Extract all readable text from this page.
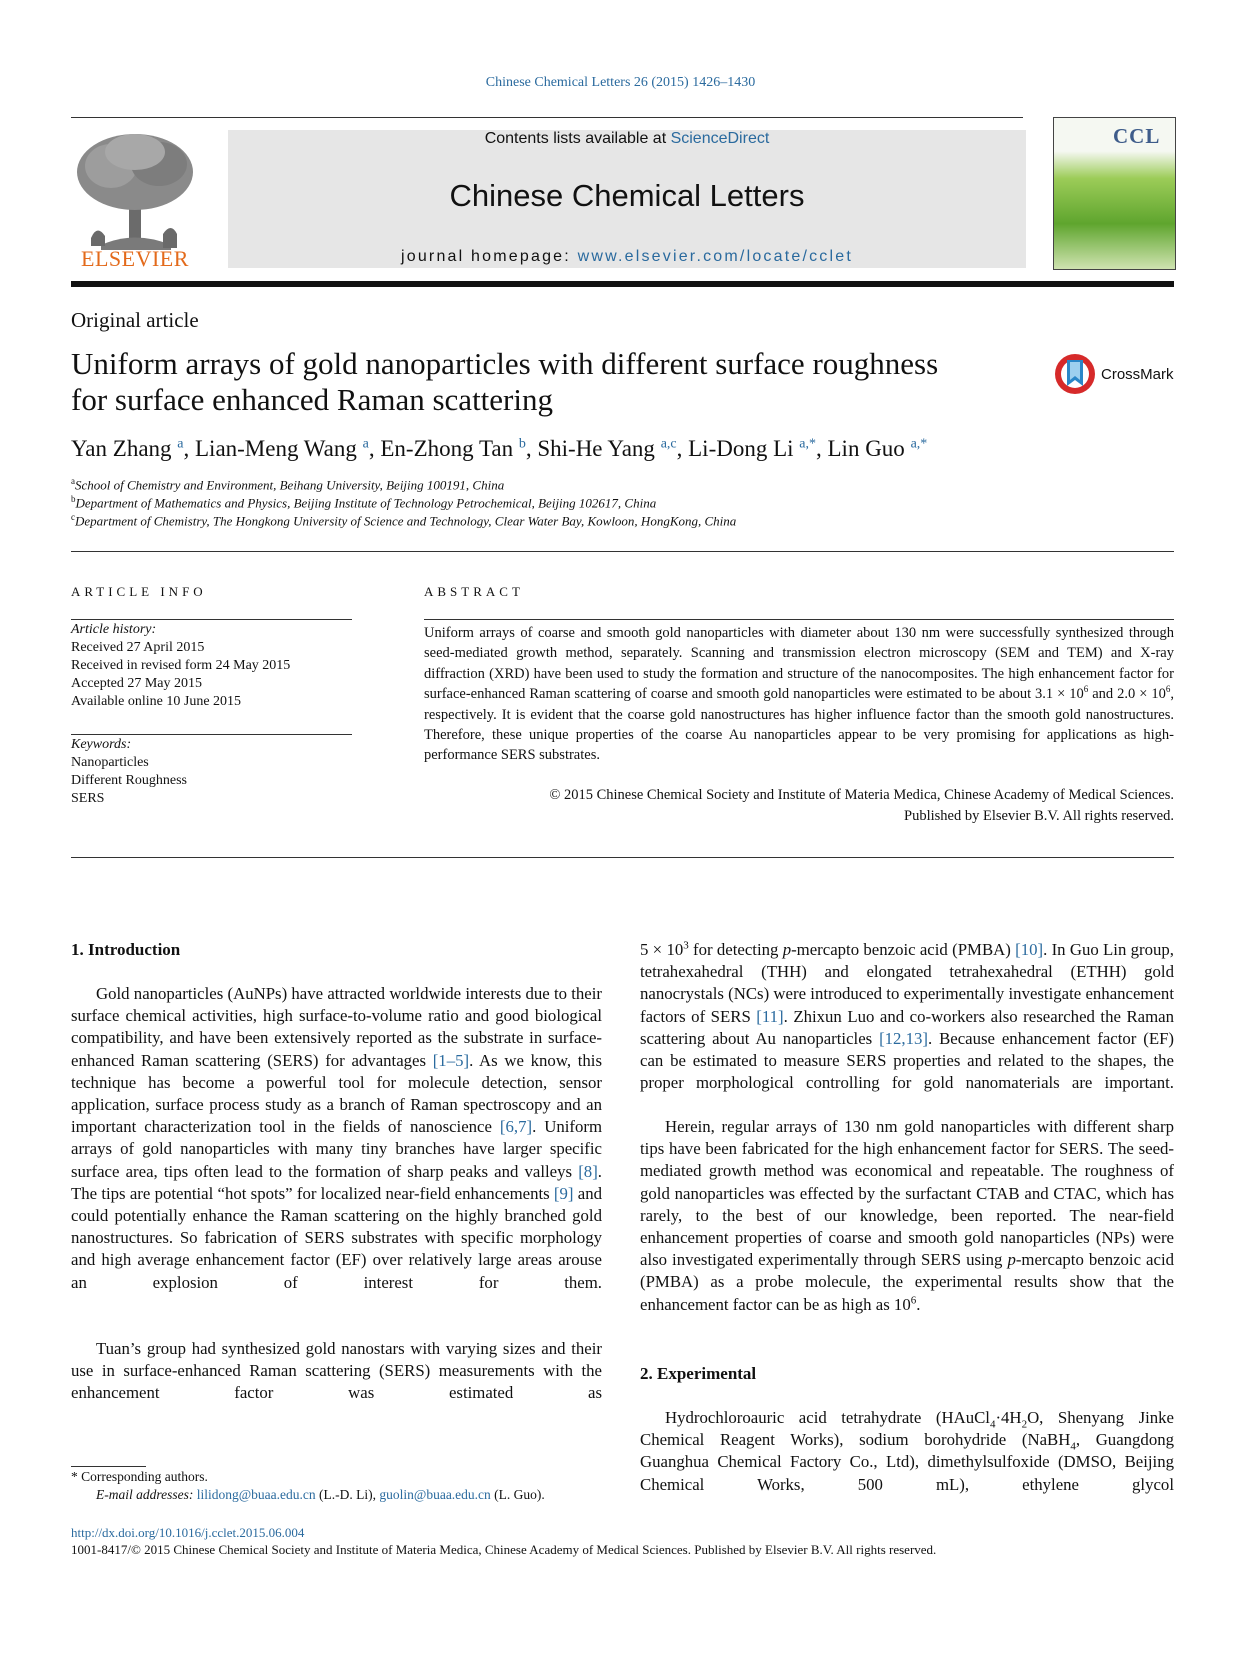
Chinese Chemical Letters 26 (2015) 1426–1430
ELSEVIER
Contents lists available at ScienceDirect
Chinese Chemical Letters
journal homepage: www.elsevier.com/locate/cclet
CCL
Original article
Uniform arrays of gold nanoparticles with different surface roughness
for surface enhanced Raman scattering
CrossMark
Yan Zhang $^a$, Lian-Meng Wang $^a$, En-Zhong Tan $^b$, Shi-He Yang $^{a,c}$, Li-Dong Li $^{a,*}$, Lin Guo $^{a,*}$
$^a$School of Chemistry and Environment, Beihang University, Beijing 100191, China
$^b$Department of Mathematics and Physics, Beijing Institute of Technology Petrochemical, Beijing 102617, China
$^c$Department of Chemistry, The Hongkong University of Science and Technology, Clear Water Bay, Kowloon, HongKong, China
ARTICLE INFO
Article history:
Received 27 April 2015
Received in revised form 24 May 2015
Accepted 27 May 2015
Available online 10 June 2015
Keywords:
Nanoparticles
Different Roughness
SERS
ABSTRACT
Uniform arrays of coarse and smooth gold nanoparticles with diameter about 130 nm were successfully synthesized through seed-mediated growth method, separately. Scanning and transmission electron microscopy (SEM and TEM) and X-ray diffraction (XRD) have been used to study the formation and structure of the nanocomposites. The high enhancement factor for surface-enhanced Raman scattering of coarse and smooth gold nanoparticles were estimated to be about $3.1 \times 10^6$ and $2.0 \times 10^6$, respectively. It is evident that the coarse gold nanostructures has higher influence factor than the smooth gold nanostructures. Therefore, these unique properties of the coarse Au nanoparticles appear to be very promising for applications as high-performance SERS substrates.
© 2015 Chinese Chemical Society and Institute of Materia Medica, Chinese Academy of Medical Sciences.
Published by Elsevier B.V. All rights reserved.
1. Introduction
Gold nanoparticles (AuNPs) have attracted worldwide interests due to their surface chemical activities, high surface-to-volume ratio and good biological compatibility, and have been extensively reported as the substrate in surface-enhanced Raman scattering (SERS) for advantages [1–5]. As we know, this technique has become a powerful tool for molecule detection, sensor application, surface process study as a branch of Raman spectroscopy and an important characterization tool in the fields of nanoscience [6,7]. Uniform arrays of gold nanoparticles with many tiny branches have larger specific surface area, tips often lead to the formation of sharp peaks and valleys [8]. The tips are potential “hot spots” for localized near-field enhancements [9] and could potentially enhance the Raman scattering on the highly branched gold nanostructures. So fabrication of SERS substrates with specific morphology and high average enhancement factor (EF) over relatively large areas arouse an explosion of interest for them.
Tuan’s group had synthesized gold nanostars with varying sizes and their use in surface-enhanced Raman scattering (SERS) measurements with the enhancement factor was estimated as
* Corresponding authors.
E-mail addresses: lilidong@buaa.edu.cn (L.-D. Li), guolin@buaa.edu.cn (L. Guo).
$5 \times 10^3$ for detecting p-mercapto benzoic acid (PMBA) [10]. In Guo Lin group, tetrahexahedral (THH) and elongated tetrahexahedral (ETHH) gold nanocrystals (NCs) were introduced to experimentally investigate enhancement factors of SERS [11]. Zhixun Luo and co-workers also researched the Raman scattering about Au nanoparticles [12,13]. Because enhancement factor (EF) can be estimated to measure SERS properties and related to the shapes, the proper morphological controlling for gold nanomaterials are important.
Herein, regular arrays of 130 nm gold nanoparticles with different sharp tips have been fabricated for the high enhancement factor for SERS. The seed-mediated growth method was economical and repeatable. The roughness of gold nanoparticles was effected by the surfactant CTAB and CTAC, which has rarely, to the best of our knowledge, been reported. The near-field enhancement properties of coarse and smooth gold nanoparticles (NPs) were also investigated experimentally through SERS using p-mercapto benzoic acid (PMBA) as a probe molecule, the experimental results show that the enhancement factor can be as high as $10^6$.
2. Experimental
Hydrochloroauric acid tetrahydrate ($HAuCl_4\cdot 4H_2O$, Shenyang Jinke Chemical Reagent Works), sodium borohydride (NaBH$_4$, Guangdong Guanghua Chemical Factory Co., Ltd), dimethylsulfoxide (DMSO, Beijing Chemical Works, 500 mL), ethylene glycol
http://dx.doi.org/10.1016/j.cclet.2015.06.004
1001-8417/© 2015 Chinese Chemical Society and Institute of Materia Medica, Chinese Academy of Medical Sciences. Published by Elsevier B.V. All rights reserved.
